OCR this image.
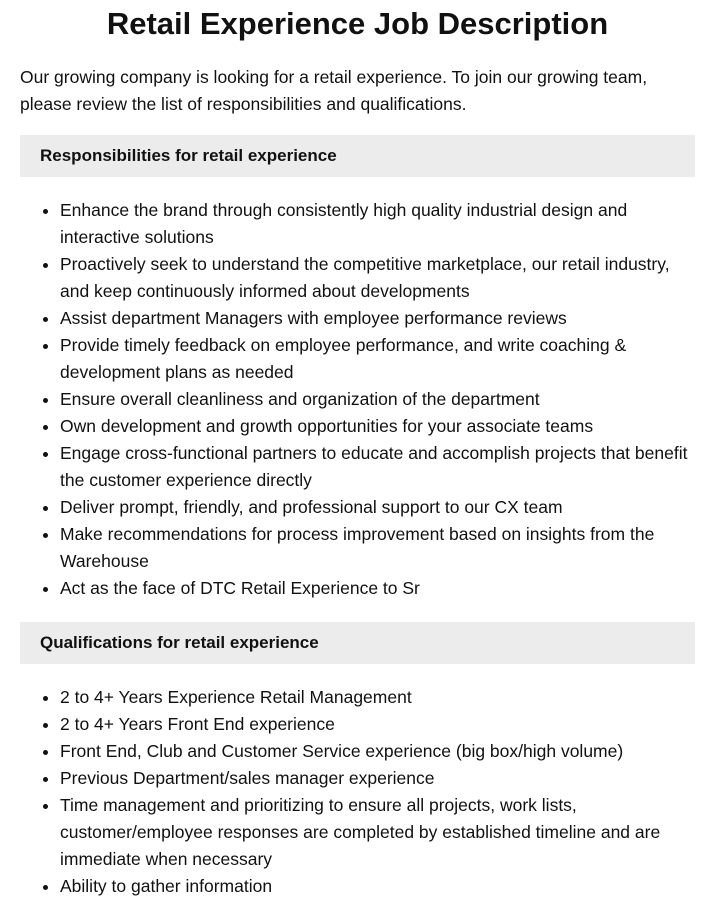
Retail Experience Job Description

Our growing company is looking for a retail experience. To join our growing team, please review the list of responsibilities and qualifications.

Responsibilities for retail experience
• Enhance the brand through consistently high quality industrial design and interactive solutions
• Proactively seek to understand the competitive marketplace, our retail industry, and keep continuously informed about developments
• Assist department Managers with employee performance reviews
• Provide timely feedback on employee performance, and write coaching & development plans as needed
• Ensure overall cleanliness and organization of the department
• Own development and growth opportunities for your associate teams
• Engage cross-functional partners to educate and accomplish projects that benefit the customer experience directly
• Deliver prompt, friendly, and professional support to our CX team
• Make recommendations for process improvement based on insights from the Warehouse
• Act as the face of DTC Retail Experience to Sr
Qualifications for retail experience
• 2 to 4+ Years Experience Retail Management
• 2 to 4+ Years Front End experience
• Front End, Club and Customer Service experience (big box/high volume)
• Previous Department/sales manager experience
• Time management and prioritizing to ensure all projects, work lists, customer/employee responses are completed by established timeline and are immediate when necessary
• Ability to gather information
